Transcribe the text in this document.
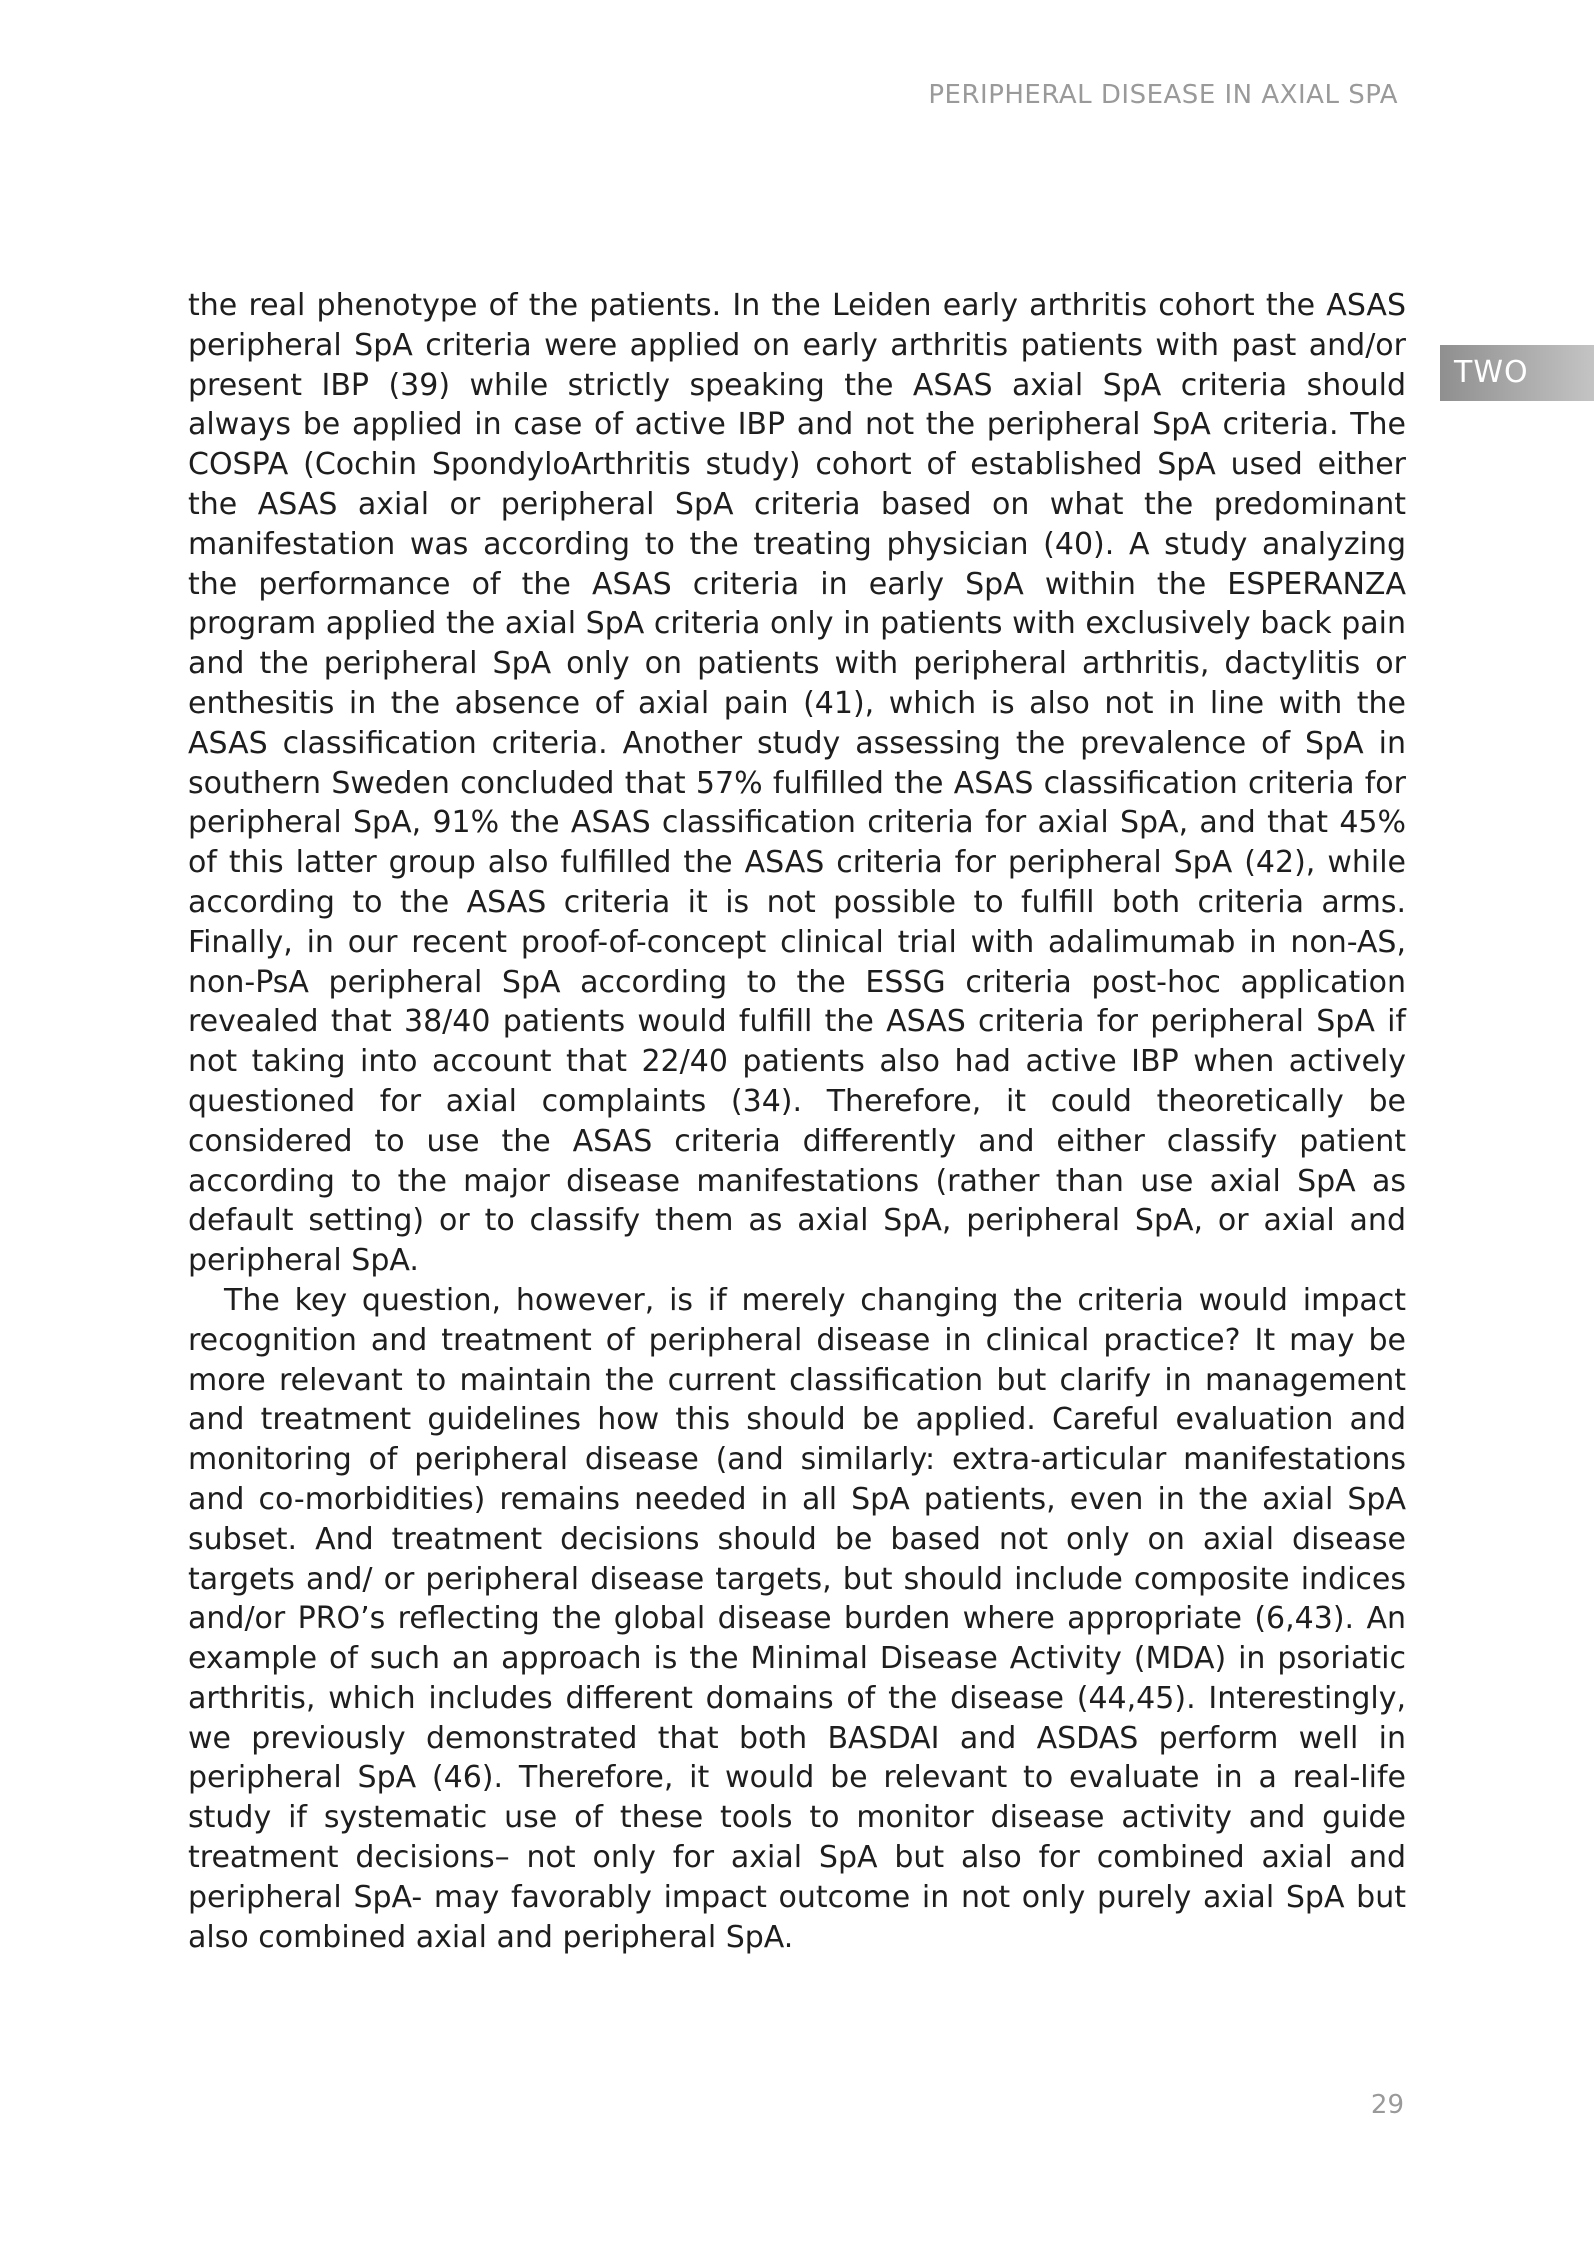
PERIPHERAL DISEASE IN AXIAL SPA
TWO

the real phenotype of the patients. In the Leiden early arthritis cohort the ASAS peripheral SpA criteria were applied on early arthritis patients with past and/or present IBP (39) while strictly speaking the ASAS axial SpA criteria should always be applied in case of active IBP and not the peripheral SpA criteria. The COSPA (Cochin SpondyloArthritis study) cohort of established SpA used either the ASAS axial or peripheral SpA criteria based on what the predominant manifestation was according to the treating physician (40). A study analyzing the performance of the ASAS criteria in early SpA within the ESPERANZA program applied the axial SpA criteria only in patients with exclusively back pain and the peripheral SpA only on patients with peripheral arthritis, dactylitis or enthesitis in the absence of axial pain (41), which is also not in line with the ASAS classification criteria. Another study assessing the prevalence of SpA in southern Sweden concluded that 57% fulfilled the ASAS classification criteria for peripheral SpA, 91% the ASAS classification criteria for axial SpA, and that 45% of this latter group also fulfilled the ASAS criteria for peripheral SpA (42), while according to the ASAS criteria it is not possible to fulfill both criteria arms. Finally, in our recent proof-of-concept clinical trial with adalimumab in non-AS, non-PsA peripheral SpA according to the ESSG criteria post-hoc application revealed that 38/40 patients would fulfill the ASAS criteria for peripheral SpA if not taking into account that 22/40 patients also had active IBP when actively questioned for axial complaints (34). Therefore, it could theoretically be considered to use the ASAS criteria differently and either classify patient according to the major disease manifestations (rather than use axial SpA as default setting) or to classify them as axial SpA, peripheral SpA, or axial and peripheral SpA.

The key question, however, is if merely changing the criteria would impact recognition and treatment of peripheral disease in clinical practice? It may be more relevant to maintain the current classification but clarify in management and treatment guidelines how this should be applied. Careful evaluation and monitoring of peripheral disease (and similarly: extra-articular manifestations and co-morbidities) remains needed in all SpA patients, even in the axial SpA subset. And treatment decisions should be based not only on axial disease targets and/ or peripheral disease targets, but should include composite indices and/or PRO’s reflecting the global disease burden where appropriate (6,43). An example of such an approach is the Minimal Disease Activity (MDA) in psoriatic arthritis, which includes different domains of the disease (44,45). Interestingly, we previously demonstrated that both BASDAI and ASDAS perform well in peripheral SpA (46). Therefore, it would be relevant to evaluate in a real-life study if systematic use of these tools to monitor disease activity and guide treatment decisions– not only for axial SpA but also for combined axial and peripheral SpA- may favorably impact outcome in not only purely axial SpA but also combined axial and peripheral SpA.

29
